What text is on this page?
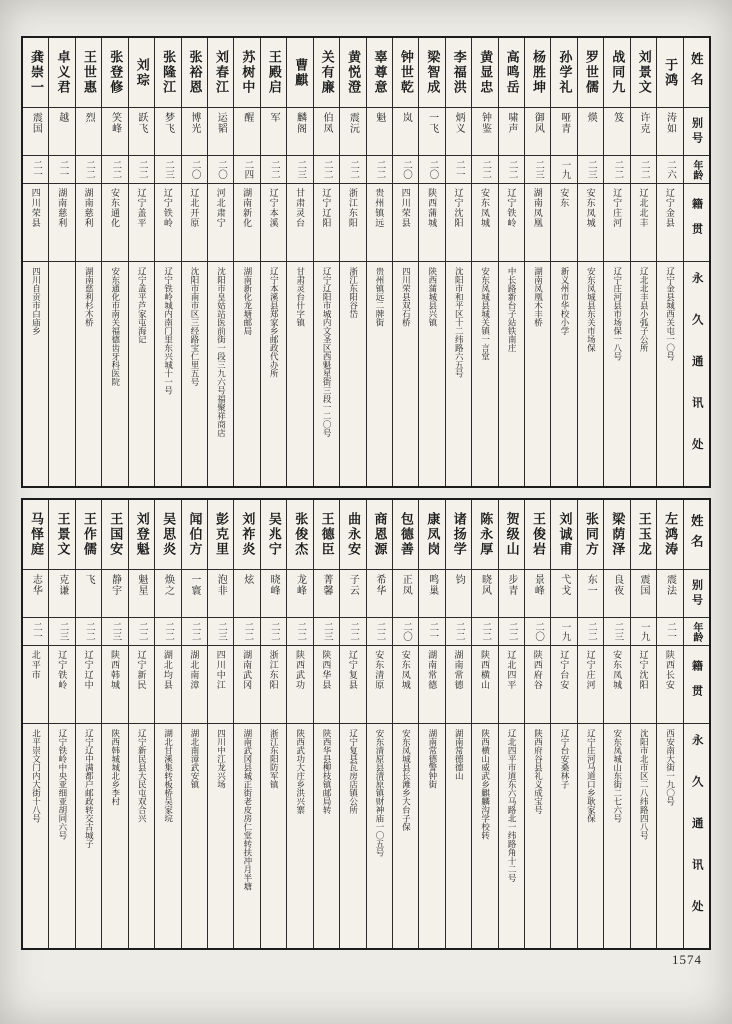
姓名
别号
年龄
籍贯
永久通讯处
于鸿
涛如
二六
辽宁金县
辽宁金县城西关屯一〇号
刘景文
许克
二二
辽北北丰
辽北北丰县小弧子公所
战同九
笈
二二
辽宁庄河
辽宁庄河县市场保一八号
罗世儒
煐
二三
安东凤城
安东凤城县东关市场保
孙学礼
哑青
一九
安东
新义州市华校小学
杨胜坤
御风
二三
湖南凤凰
湖南凤凰木丰桥
高鸣岳
啸声
二二
辽宁铁岭
中长路新台子站铁南庄
黄显忠
钟鉴
二二
安东凤城
安东凤城县城关镇一言堂
李福洪
炳义
二一
辽宁沈阳
沈阳市和平区十二纬路六五号
梁智成
一飞
二〇
陕西蒲城
陕西蒲城县兴镇
钟世乾
岚
二〇
四川荣县
四川荣县双石桥
辜尊意
魁
二二
贵州镇远
贵州镇远二牌街
黄悦澄
震沅
二二
浙江东阳
浙江东阳谷岱
关有廉
伯凤
二二
辽宁辽阳
辽宁辽阳市城内文圣区西魁星街三段一二〇号
曹麒
麟阁
二三
甘肃灵台
甘肃灵台什字镇
王殿启
军
二二
辽宁本溪
辽宁本溪县郑家乡邮政代办所
苏树中
醒
二四
湖南新化
湖南新化龙塘邮局
刘春江
运韬
二〇
河北肃宁
沈阳市皇姑站医前街一段三九六号福聚祥商店
张裕恩
博光
二〇
辽北开原
沈阳市南市区三经路宝仁里五号
张隆江
梦飞
二三
辽宁铁岭
辽宁铁岭城内南门里东兴城十一号
刘琮
跃飞
二二
辽宁盖平
辽宁盖平芦家屯海记
张登修
笑峰
二二
安东通化
安东通化市南关福德齿牙科医院
王世惠
烈
二二
湖南慈利
湖南慈利杉木桥
卓义君
越
二一
湖南慈利
龚崇一
震国
二一
四川荣县
四川自贡市白庙乡
姓名
别号
年龄
籍贯
永久通讯处
左鸿涛
震法
二一
陕西长安
西安南大街一九〇号
王玉龙
震国
一九
辽宁沈阳
沈阳市北市区二八纬路四八号
梁荫泽
良夜
二三
安东凤城
安东凤城山东街二七六号
张同方
东一
二二
辽宁庄河
辽宁庄河马道口乡耿家保
刘诚甫
弋戈
一九
辽宁台安
辽宁台安桑林子
王俊岩
景峰
二〇
陕西府谷
陕西府谷县礼义成宝号
贺级山
步青
二二
辽北四平
辽北四平市道东六马路北一纬路角十二号
陈永厚
晓风
二二
陕西横山
陕西横山威武乡麒麟沟学校转
诸扬学
钧
二二
湖南常德
湖南常德德山
康凤岗
鸣巢
二一
湖南常德
湖南常德警钟街
包德善
正凤
二〇
安东凤城
安东凤城县长滩乡大台子保
商恩源
希华
二二
安东清原
安东清原县清原镇财神庙一〇五号
曲永安
子云
二二
辽宁复县
辽宁复县瓦房店镇公所
王德臣
菁馨
二三
陕西华县
陕西华县柳枝镇邮局转
张俊杰
龙峰
二二
陕西武功
陕西武功大庄乡洪兴寨
吴兆宁
晓峰
二二
浙江东阳
浙江东阳防军镇
刘祚炎
炫
二二
湖南武冈
湖南武冈县城正街老皮房仁堂转扶冲月半塘
彭克里
泡非
二三
四川中江
四川中江龙兴场
闻伯方
一寰
二二
湖北南漳
湖北南漳武安镇
吴思炎
焕之
二二
湖北均县
湖北甘溪集转板桥吴家垸
刘登魁
魁星
二二
辽宁新民
辽宁新民县大民屯双合兴
王国安
静宇
二三
陕西韩城
陕西韩城城北乡李村
王作儒
飞
二二
辽宁辽中
辽宁辽中满都户邮政转交古城子
王景文
克谦
二三
辽宁铁岭
辽宁铁岭中央亚细亚胡同六号
马怿庭
志华
二一
北平市
北平崇文门内大街十八号
1574
